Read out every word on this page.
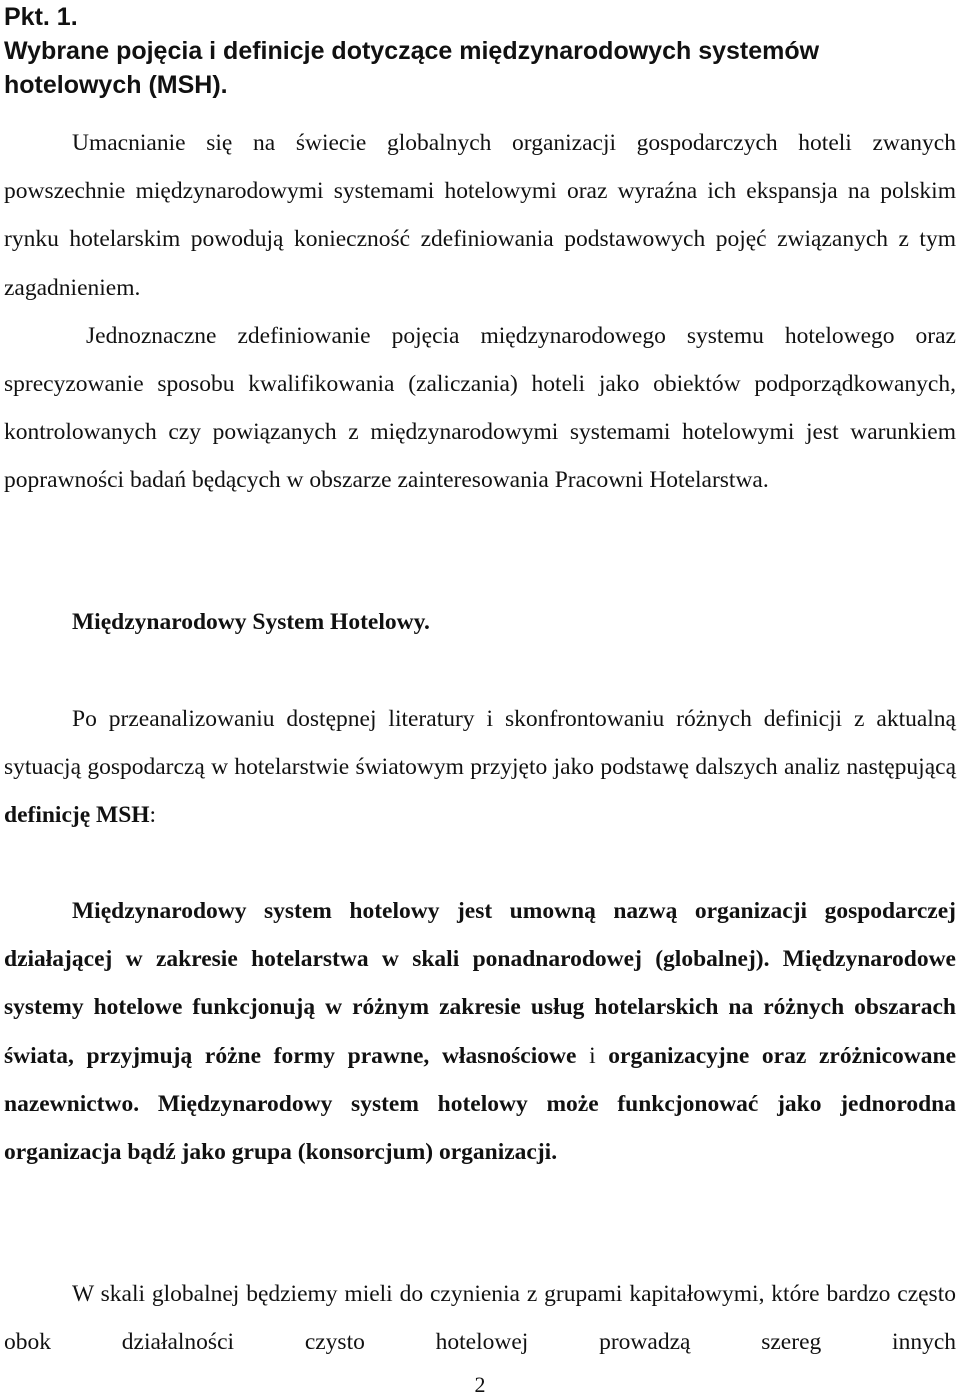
Pkt. 1.
Wybrane pojęcia i definicje dotyczące międzynarodowych systemów
hotelowych (MSH).

Umacnianie się na świecie globalnych organizacji gospodarczych hoteli zwanych powszechnie międzynarodowymi systemami hotelowymi oraz wyraźna ich ekspansja na polskim rynku hotelarskim powodują konieczność zdefiniowania podstawowych pojęć związanych z tym zagadnieniem.

Jednoznaczne zdefiniowanie pojęcia międzynarodowego systemu hotelowego oraz sprecyzowanie sposobu kwalifikowania (zaliczania) hoteli jako obiektów podporządkowanych, kontrolowanych czy powiązanych z międzynarodowymi systemami hotelowymi jest warunkiem poprawności badań będących w obszarze zainteresowania Pracowni Hotelarstwa.

Międzynarodowy System Hotelowy.

Po przeanalizowaniu dostępnej literatury i skonfrontowaniu różnych definicji z aktualną sytuacją gospodarczą w hotelarstwie światowym przyjęto jako podstawę dalszych analiz następującą definicję MSH:

Międzynarodowy system hotelowy jest umowną nazwą organizacji gospodarczej działającej w zakresie hotelarstwa w skali ponadnarodowej (globalnej). Międzynarodowe systemy hotelowe funkcjonują w różnym zakresie usług hotelarskich na różnych obszarach świata, przyjmują różne formy prawne, własnościowe i organizacyjne oraz zróżnicowane nazewnictwo. Międzynarodowy system hotelowy może funkcjonować jako jednorodna organizacja bądź jako grupa (konsorcjum) organizacji.

W skali globalnej będziemy mieli do czynienia z grupami kapitałowymi, które bardzo często obok działalności czysto hotelowej prowadzą szereg innych

2
